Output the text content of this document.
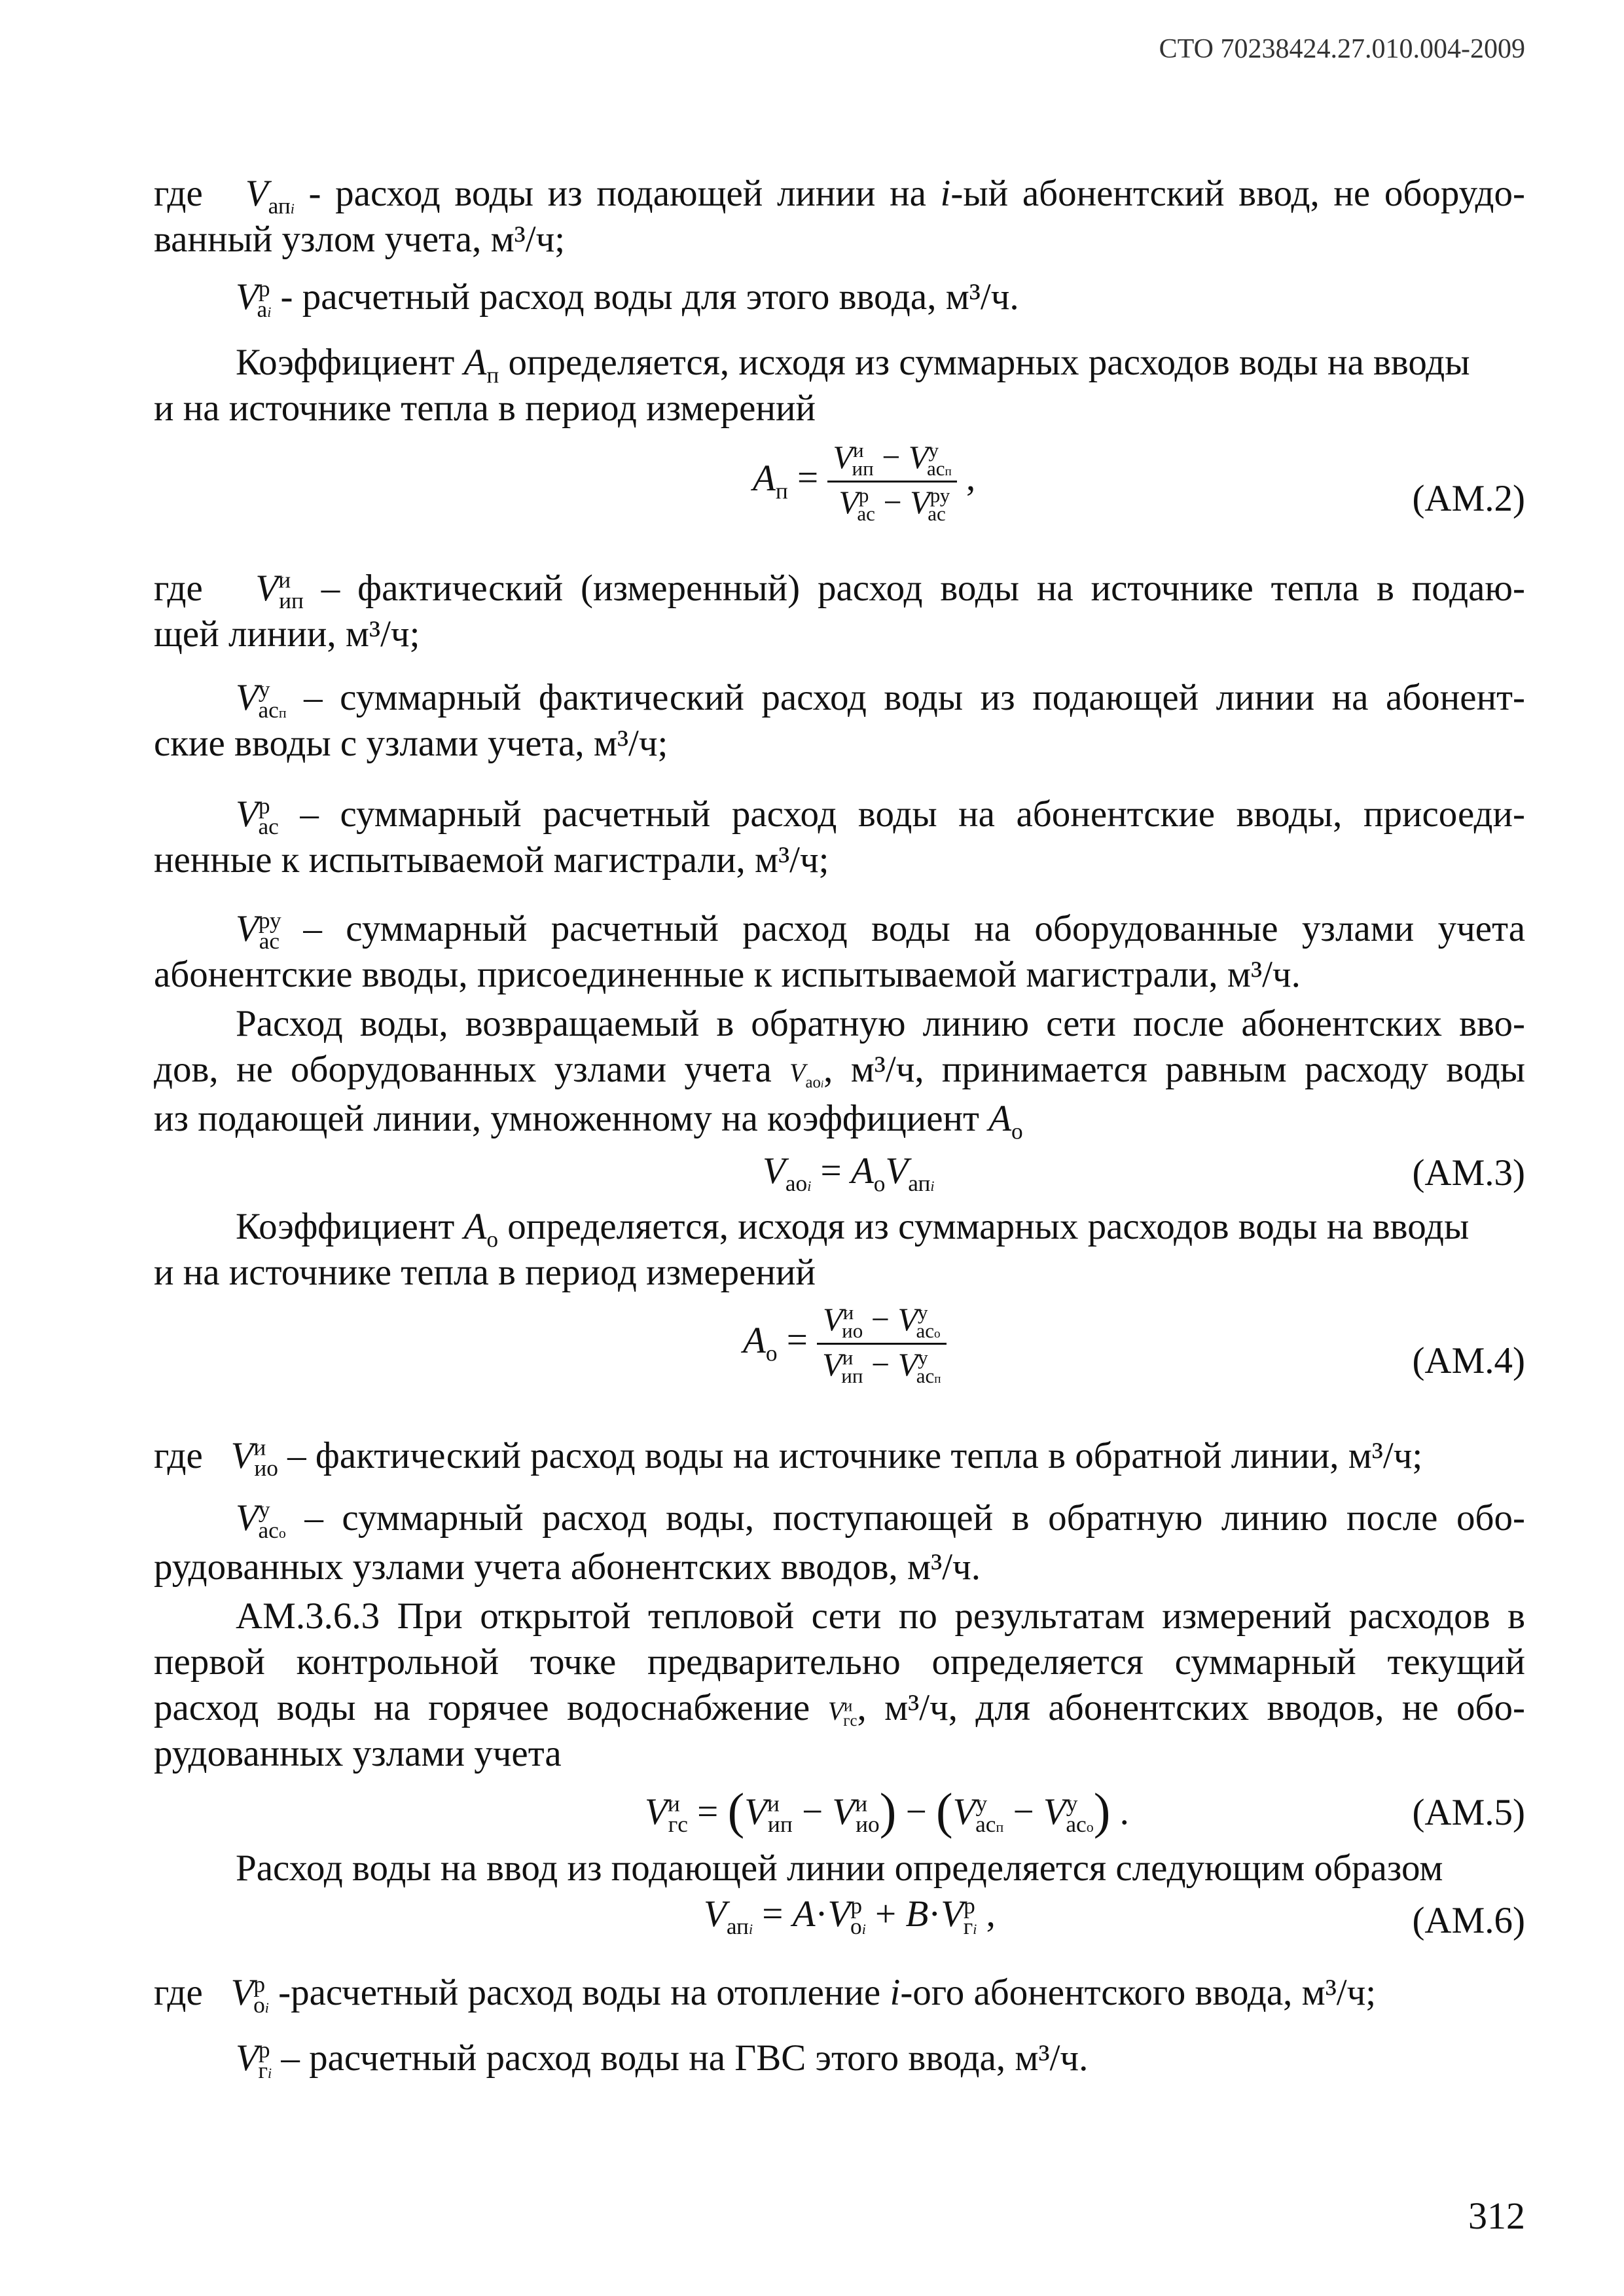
СТО 70238424.27.010.004-2009
где   $V_{апi}$ - расход воды из подающей линии на i-ый абонентский ввод, не оборудо-
ванный узлом учета, м³/ч;
$V^р_{аi}$ - расчетный расход воды для этого ввода, м³/ч.
Коэффициент $A_п$ определяется, исходя из суммарных расходов воды на вводы
и на источнике тепла в период измерений
$A_п = \frac{V^и_{ип} - V^у_{асп}}{V^р_{ас} - V^{ру}_{ас}}$ ,	(АМ.2)
где   $V^и_{ип}$ – фактический (измеренный) расход воды на источнике тепла в подаю-
щей линии, м³/ч;
$V^у_{асп}$ – суммарный фактический расход воды из подающей линии на абонент-
ские вводы с узлами учета, м³/ч;
$V^р_{ас}$ – суммарный расчетный расход воды на абонентские вводы, присоеди-
ненные к испытываемой магистрали, м³/ч;
$V^{ру}_{ас}$ – суммарный расчетный расход воды на оборудованные узлами учета
абонентские вводы, присоединенные к испытываемой магистрали, м³/ч.
Расход воды, возвращаемый в обратную линию сети после абонентских вво-
дов, не оборудованных узлами учета $V_{аоi}$, м³/ч, принимается равным расходу воды
из подающей линии, умноженному на коэффициент $A_о$
$V_{аоi} = A_оV_{апi}$	(АМ.3)
Коэффициент $A_о$ определяется, исходя из суммарных расходов воды на вводы
и на источнике тепла в период измерений
$A_о = \frac{V^и_{ио} - V^у_{асо}}{V^и_{ип} - V^у_{асп}}$	(АМ.4)
где   $V^и_{ио}$ – фактический расход воды на источнике тепла в обратной линии, м³/ч;
$V^у_{асо}$ – суммарный расход воды, поступающей в обратную линию после обо-
рудованных узлами учета абонентских вводов, м³/ч.
АМ.3.6.3 При открытой тепловой сети по результатам измерений расходов в
первой контрольной точке предварительно определяется суммарный текущий
расход воды на горячее водоснабжение $V^и_{гс}$, м³/ч, для абонентских вводов, не обо-
рудованных узлами учета
$V^и_{гс} = (V^и_{ип} - V^и_{ио}) - (V^у_{асп} - V^у_{асо})$ .	(АМ.5)
Расход воды на ввод из подающей линии определяется следующим образом
$V_{апi} = A\cdot V^р_{оi} + B\cdot V^р_{гi}$ ,	(АМ.6)
где   $V^р_{оi}$ -расчетный расход воды на отопление i-ого абонентского ввода, м³/ч;
$V^р_{гi}$ – расчетный расход воды на ГВС этого ввода, м³/ч.
312
